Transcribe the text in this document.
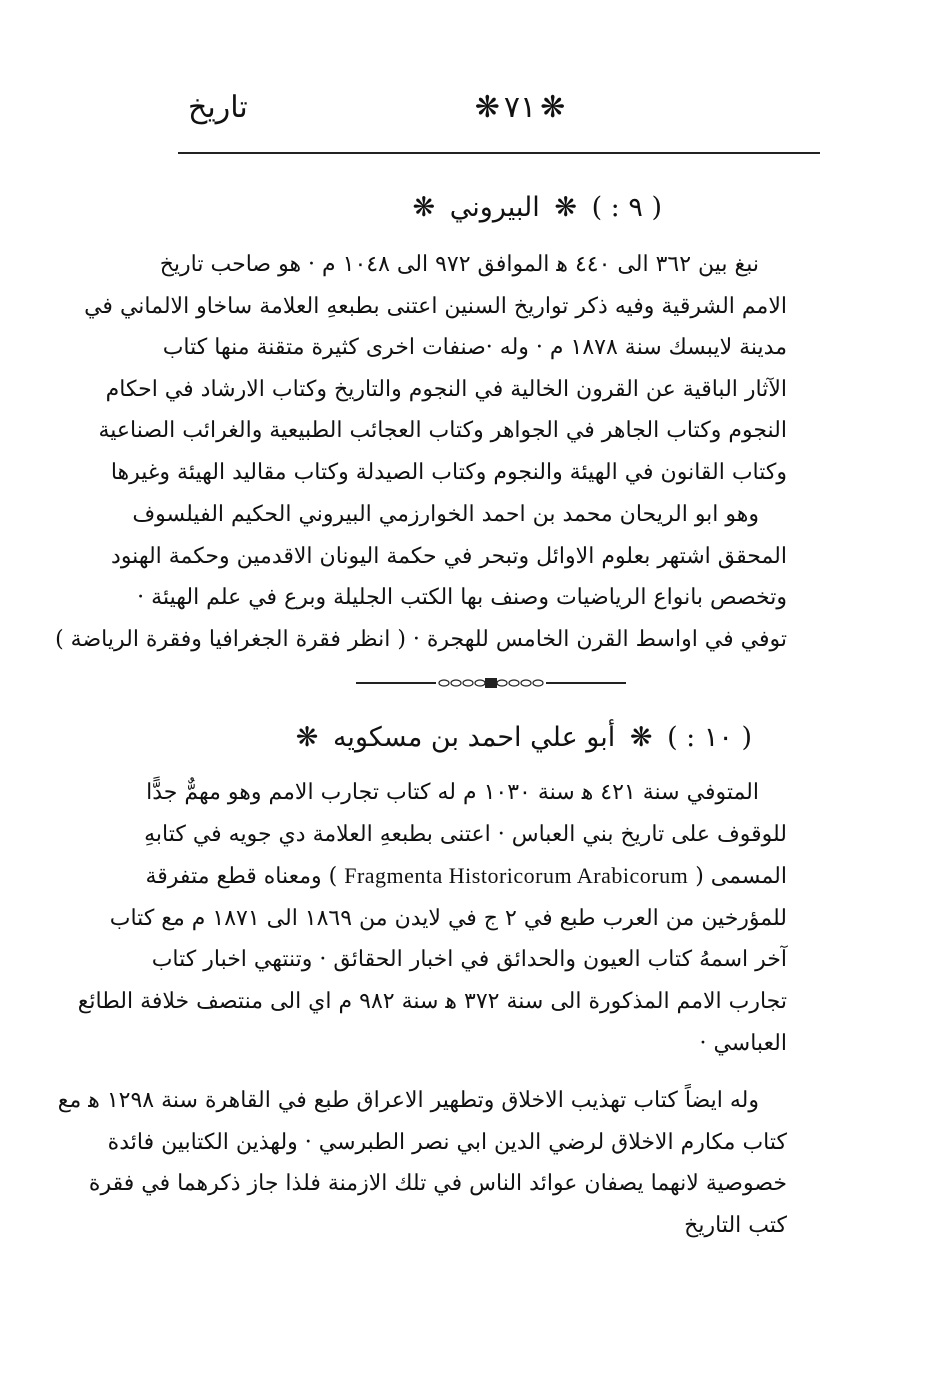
تاريخ	❋٧١❋
( ٩ : ) ❋ البيروني ❋
نبغ بين ٣٦٢ الى ٤٤٠ ﻫ الموافق ٩٧٢ الى ١٠٤٨ م · هو صاحب تاريخ
الامم الشرقية وفيه ذكر تواريخ السنين اعتنى بطبعهِ العلامة ساخاو الالماني في
مدينة لايبسك سنة ١٨٧٨ م · وله ·صنفات اخرى كثيرة متقنة منها كتاب
الآثار الباقية عن القرون الخالية في النجوم والتاريخ وكتاب الارشاد في احكام
النجوم وكتاب الجاهر في الجواهر وكتاب العجائب الطبيعية والغرائب الصناعية
وكتاب القانون في الهيئة والنجوم وكتاب الصيدلة وكتاب مقاليد الهيئة وغيرها
وهو ابو الريحان محمد بن احمد الخوارزمي البيروني الحكيم الفيلسوف
المحقق اشتهر بعلوم الاوائل وتبحر في حكمة اليونان الاقدمين وحكمة الهنود
وتخصص بانواع الرياضيات وصنف بها الكتب الجليلة وبرع في علم الهيئة ·
توفي في اواسط القرن الخامس للهجرة · ( انظر فقرة الجغرافيا وفقرة الرياضة )
( ١٠ : ) ❋ أبو علي احمد بن مسكويه ❋
المتوفي سنة ٤٢١ ﻫ سنة ١٠٣٠ م له كتاب تجارب الامم وهو مهمٌّ جدًّا
للوقوف على تاريخ بني العباس · اعتنى بطبعهِ العلامة دي جويه في كتابهِ
المسمى ( Fragmenta Historicorum Arabicorum ) ومعناه قطع متفرقة
للمؤرخين من العرب طبع في ٢ ج في لايدن من ١٨٦٩ الى ١٨٧١ م مع كتاب
آخر اسمهُ كتاب العيون والحدائق في اخبار الحقائق · وتنتهي اخبار كتاب
تجارب الامم المذكورة الى سنة ٣٧٢ ﻫ سنة ٩٨٢ م اي الى منتصف خلافة الطائع
العباسي ·
وله ايضاً كتاب تهذيب الاخلاق وتطهير الاعراق طبع في القاهرة سنة ١٢٩٨ ﻫ مع
كتاب مكارم الاخلاق لرضي الدين ابي نصر الطبرسي · ولهذين الكتابين فائدة
خصوصية لانهما يصفان عوائد الناس في تلك الازمنة فلذا جاز ذكرهما في فقرة
كتب التاريخ
